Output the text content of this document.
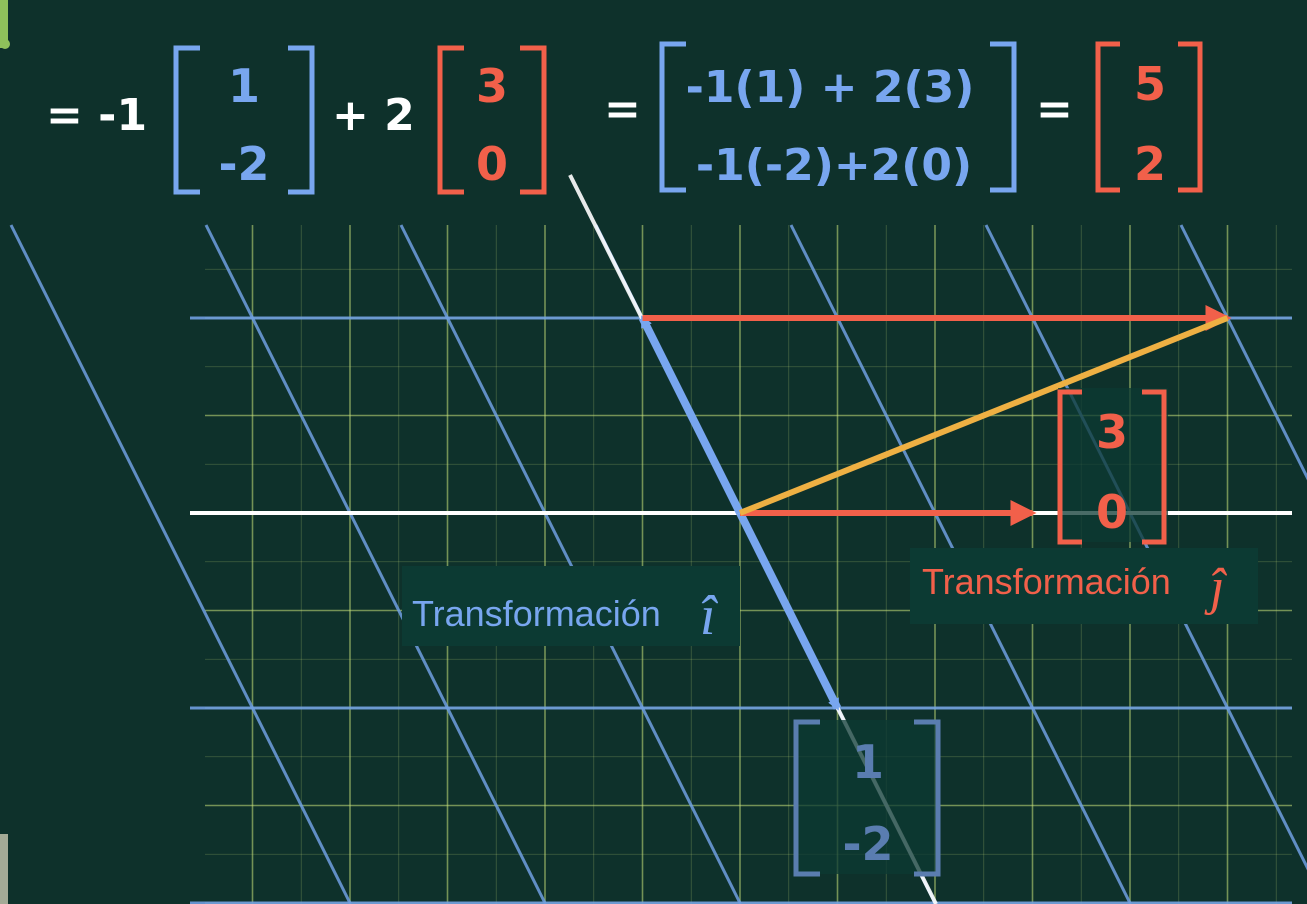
= -1
1
-2
+ 2
3
0
= -1(1) + 2(3)
-1(-2)+2(0)
= 5
2
Transformación î
Transformación ĵ
3
0
1
-2
